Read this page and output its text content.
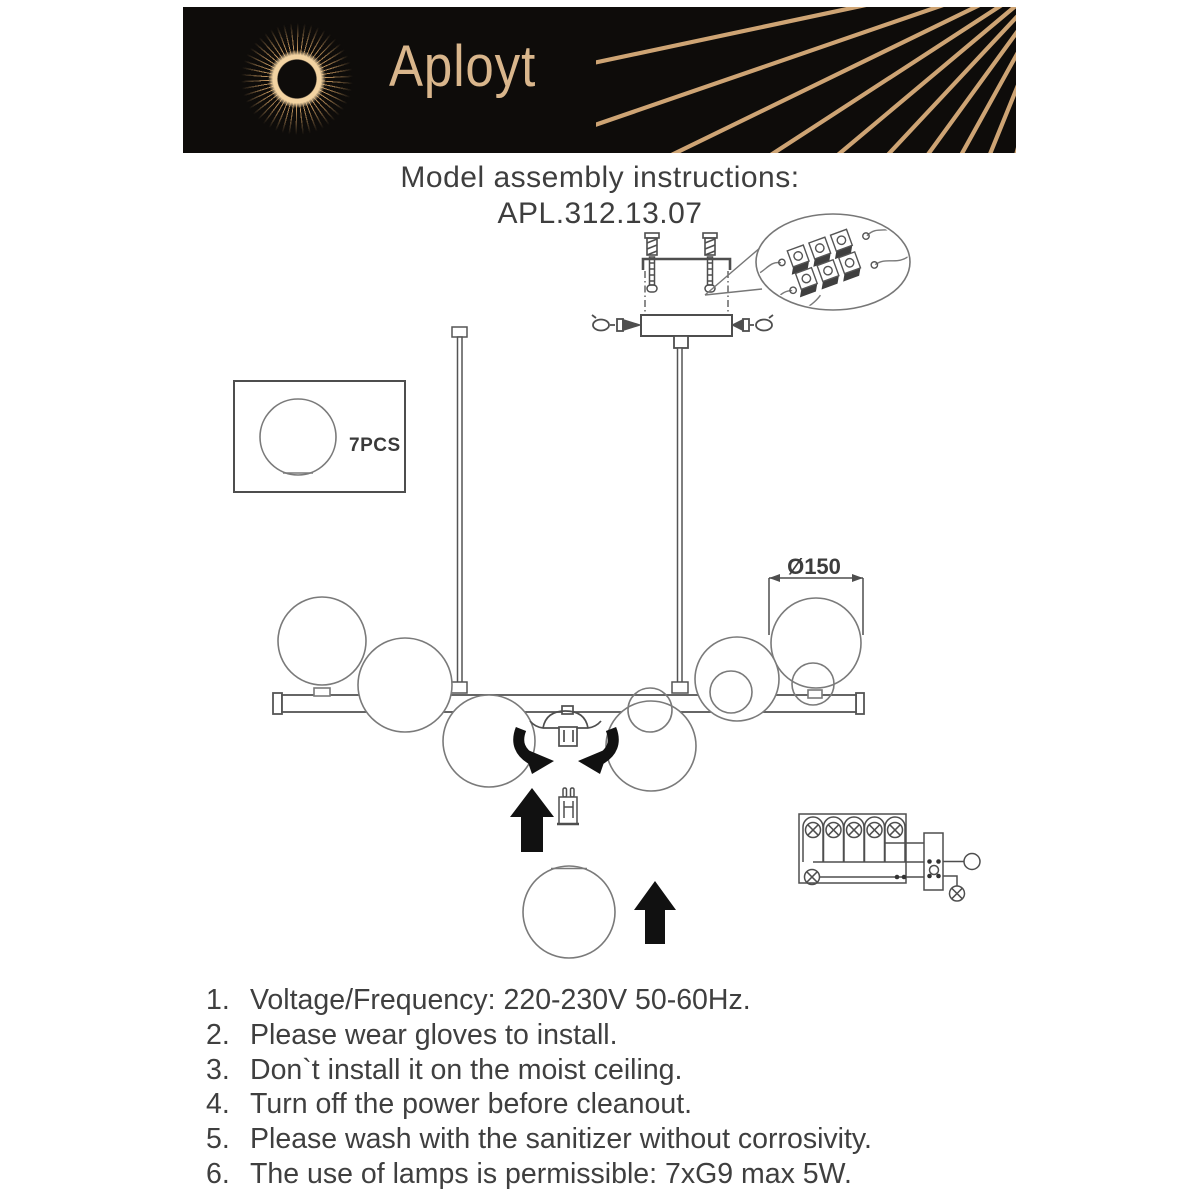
Aployt
Model assembly instructions:
APL.312.13.07
7PCS
Ø150
1. Voltage/Frequency: 220-230V 50-60Hz.
2. Please wear gloves to install.
3. Don`t install it on the moist ceiling.
4. Turn off the power before cleanout.
5. Please wash with the sanitizer without corrosivity.
6. The use of lamps is permissible: 7xG9 max 5W.
